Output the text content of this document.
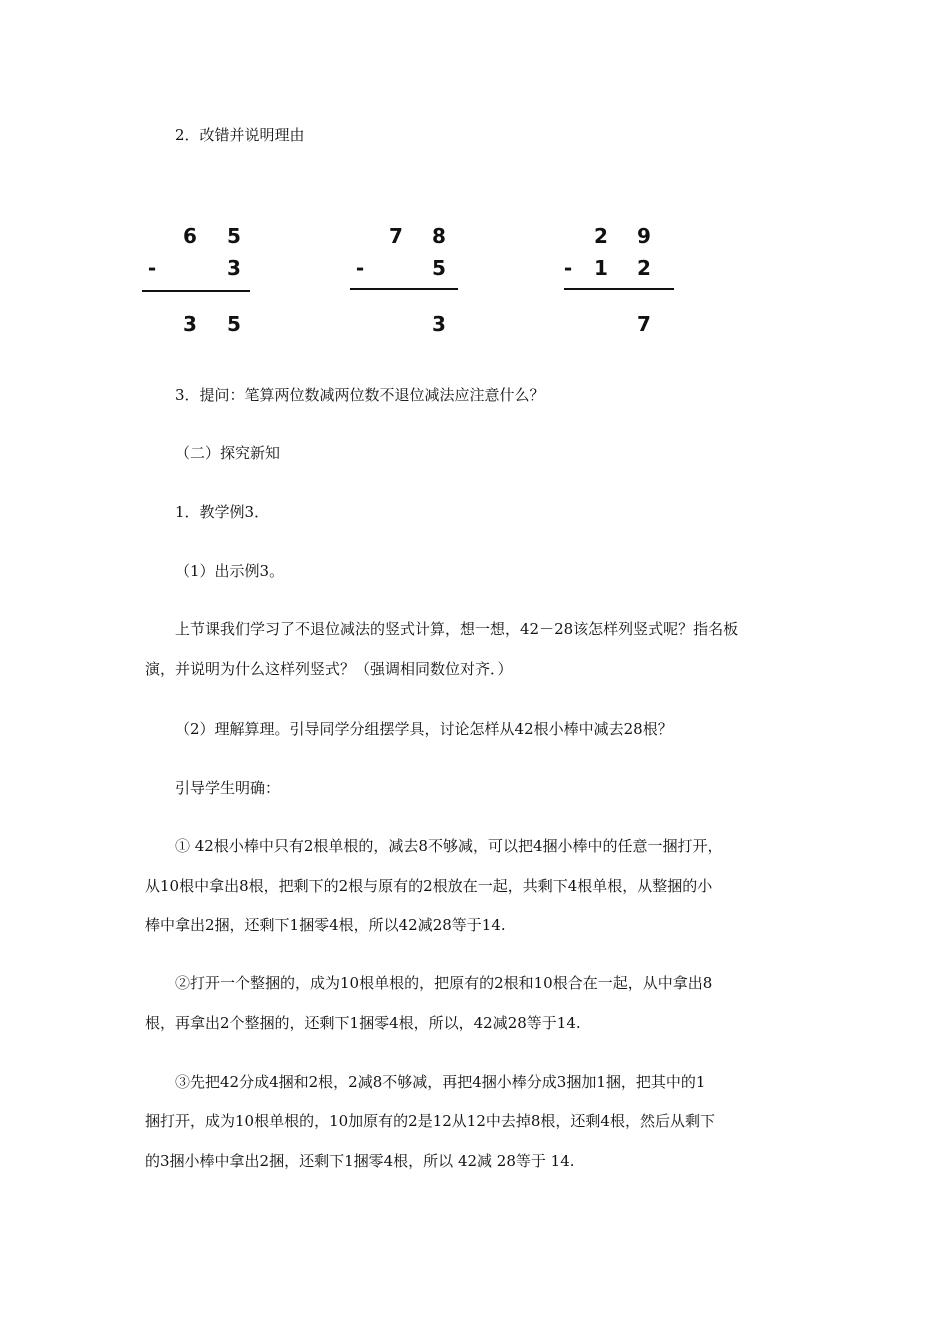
2．改错并说明理由
6 5
-	3
3 5
7 8
-	5
3
2 9
- 1 2
7
3．提问：笔算两位数减两位数不退位减法应注意什么？
（二）探究新知
1．教学例3．
（1）出示例3。
上节课我们学习了不退位减法的竖式计算，想一想，42－28该怎样列竖式呢？指名板
演，并说明为什么这样列竖式？（强调相同数位对齐．）
（2）理解算理。引导同学分组摆学具，讨论怎样从42根小棒中减去28根？
引导学生明确：
① 42根小棒中只有2根单根的，减去8不够减，可以把4捆小棒中的任意一捆打开，
从10根中拿出8根，把剩下的2根与原有的2根放在一起，共剩下4根单根，从整捆的小
棒中拿出2捆，还剩下1捆零4根，所以42减28等于14.
②打开一个整捆的，成为10根单根的，把原有的2根和10根合在一起，从中拿出8
根，再拿出2个整捆的，还剩下1捆零4根，所以，42减28等于14.
③先把42分成4捆和2根，2减8不够减，再把4捆小棒分成3捆加1捆，把其中的1
捆打开，成为10根单根的，10加原有的2是12从12中去掉8根，还剩4根，然后从剩下
的3捆小棒中拿出2捆，还剩下1捆零4根，所以 42减 28等于 14.
